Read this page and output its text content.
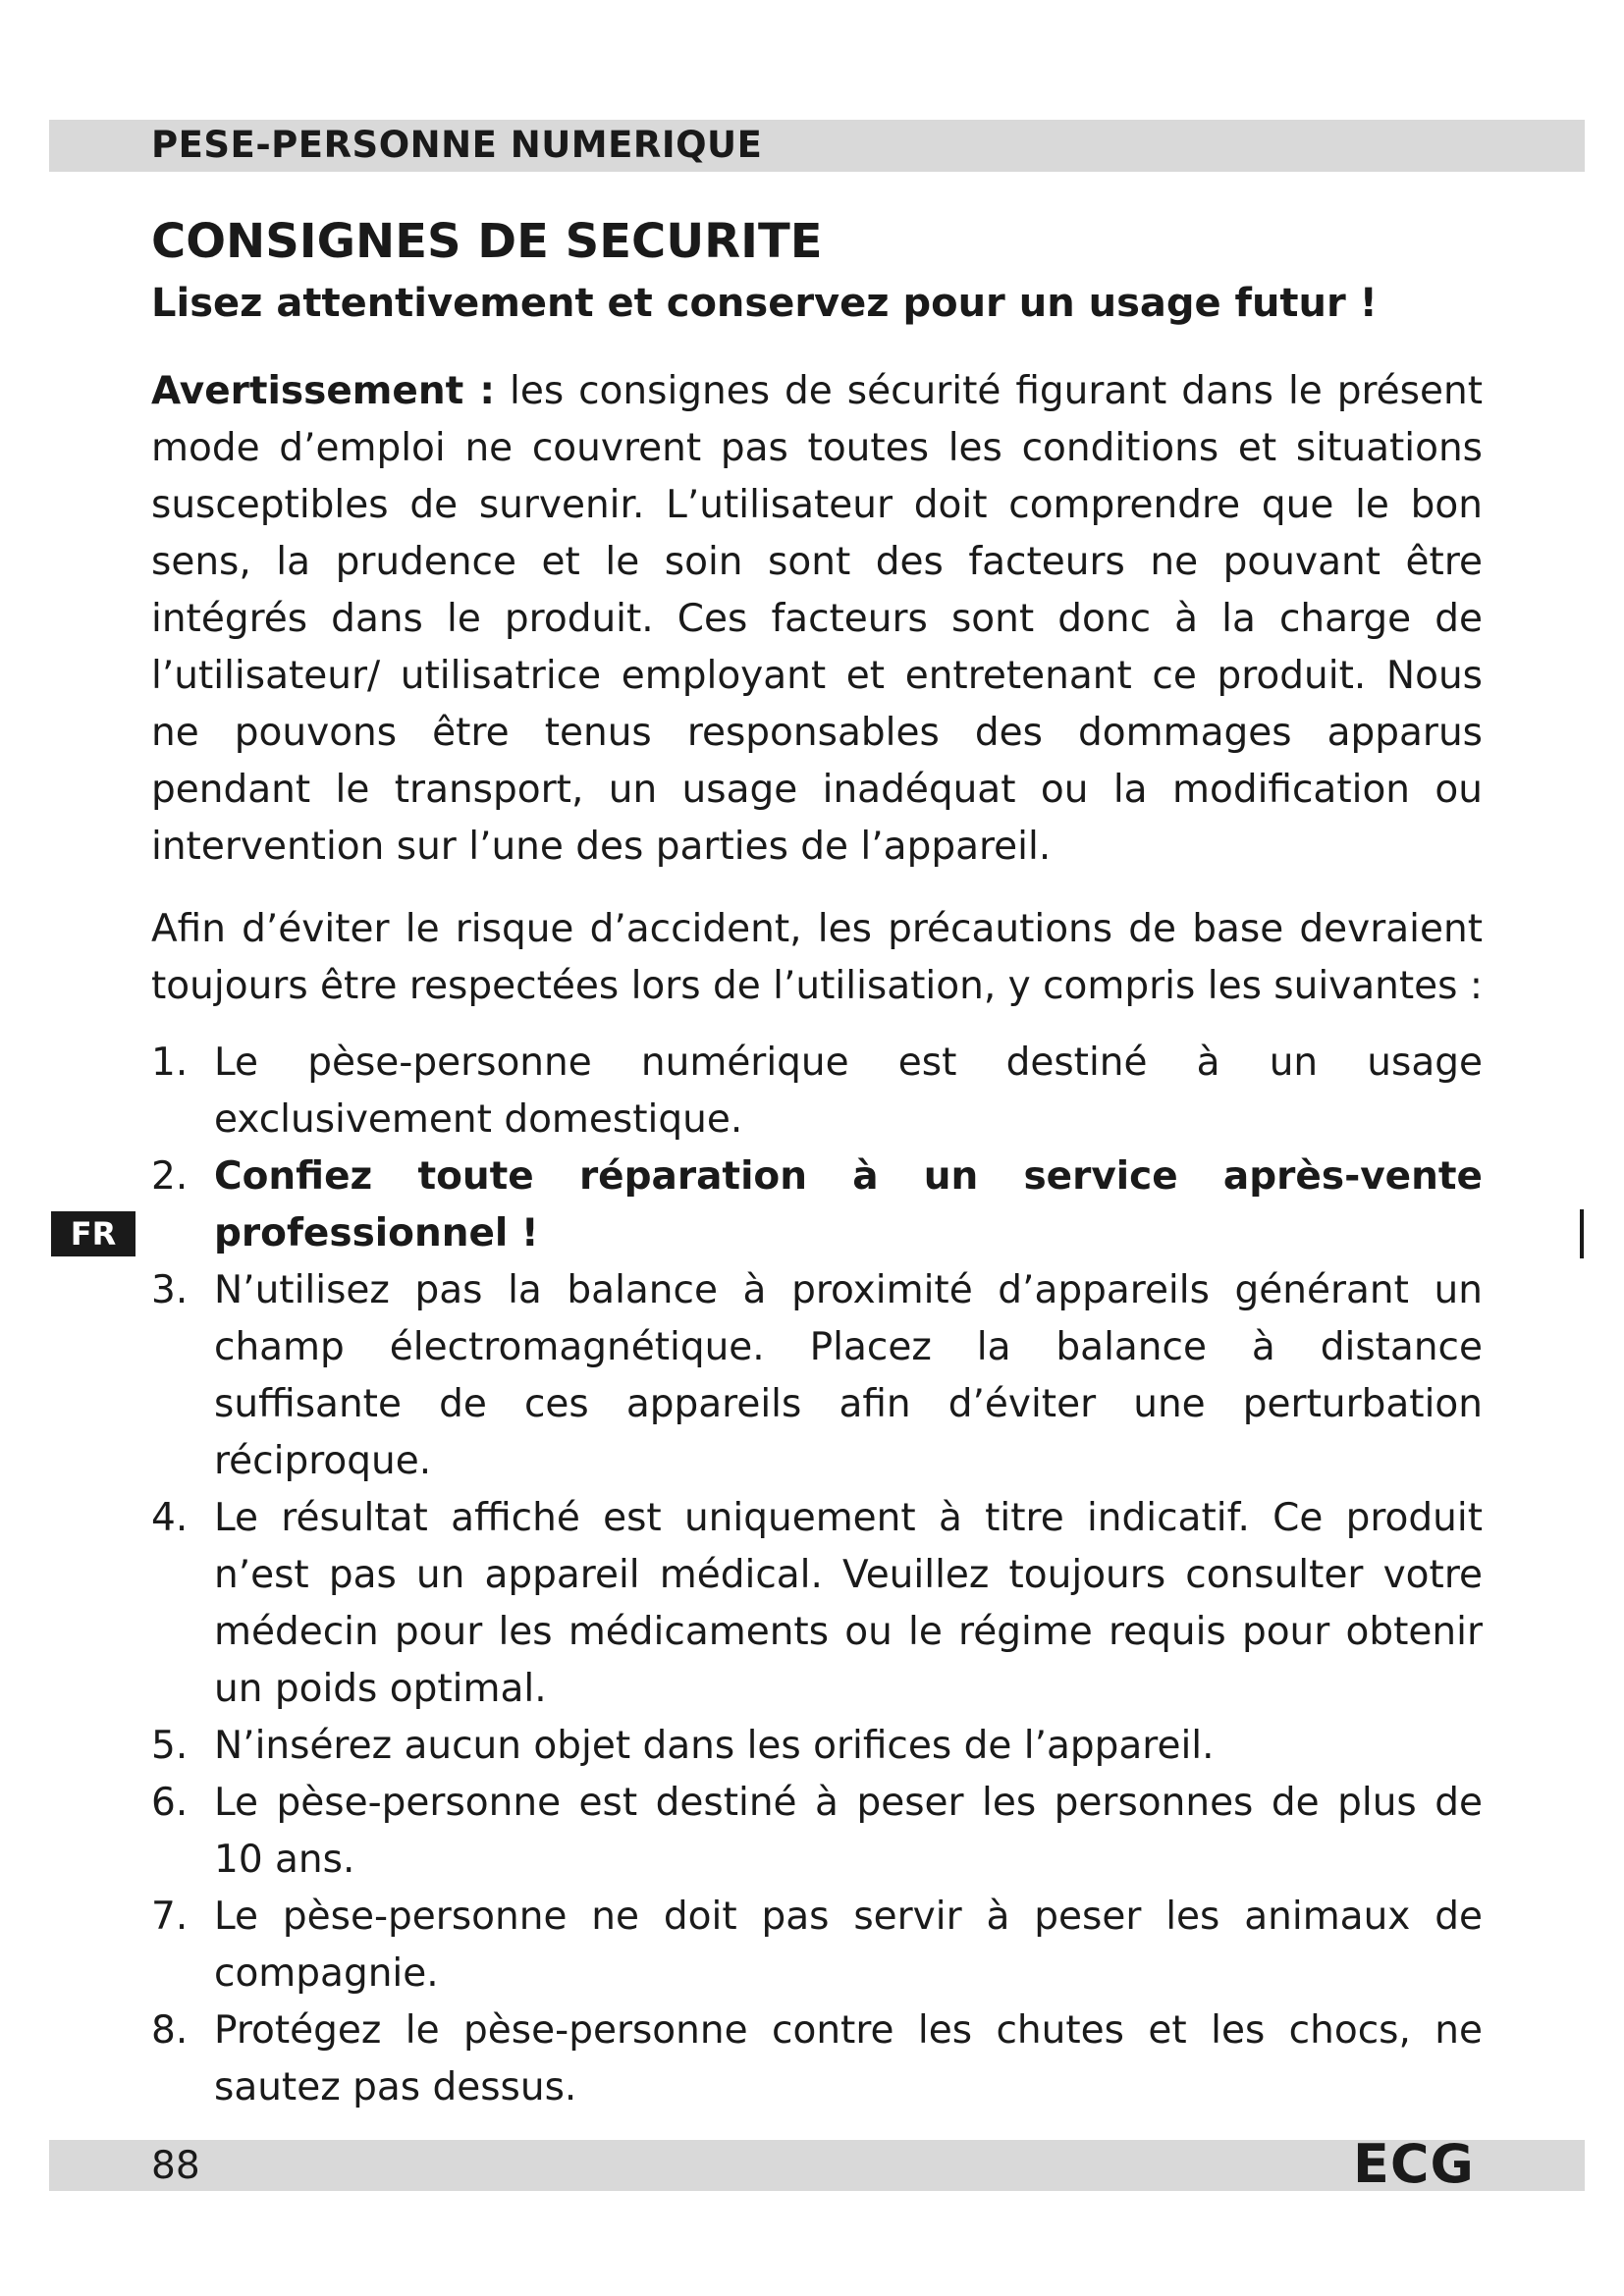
PESE-PERSONNE NUMERIQUE
CONSIGNES DE SECURITE
Lisez attentivement et conservez pour un usage futur !

Avertissement : les consignes de sécurité figurant dans le présent mode d’emploi ne couvrent pas toutes les conditions et situations susceptibles de survenir. L’utilisateur doit comprendre que le bon sens, la prudence et le soin sont des facteurs ne pouvant être intégrés dans le produit. Ces facteurs sont donc à la charge de l’utilisateur/ utilisatrice employant et entretenant ce produit. Nous ne pouvons être tenus responsables des dommages apparus pendant le transport, un usage inadéquat ou la modification ou intervention sur l’une des parties de l’appareil.

Afin d’éviter le risque d’accident, les précautions de base devraient toujours être respectées lors de l’utilisation, y compris les suivantes :

1. Le pèse-personne numérique est destiné à un usage exclusivement domestique.
2. Confiez toute réparation à un service après-vente professionnel !
3. N’utilisez pas la balance à proximité d’appareils générant un champ électromagnétique. Placez la balance à distance suffisante de ces appareils afin d’éviter une perturbation réciproque.
4. Le résultat affiché est uniquement à titre indicatif. Ce produit n’est pas un appareil médical. Veuillez toujours consulter votre médecin pour les médicaments ou le régime requis pour obtenir un poids optimal.
5. N’insérez aucun objet dans les orifices de l’appareil.
6. Le pèse-personne est destiné à peser les personnes de plus de 10 ans.
7. Le pèse-personne ne doit pas servir à peser les animaux de compagnie.
8. Protégez le pèse-personne contre les chutes et les chocs, ne sautez pas dessus.
FR
88	ECG
